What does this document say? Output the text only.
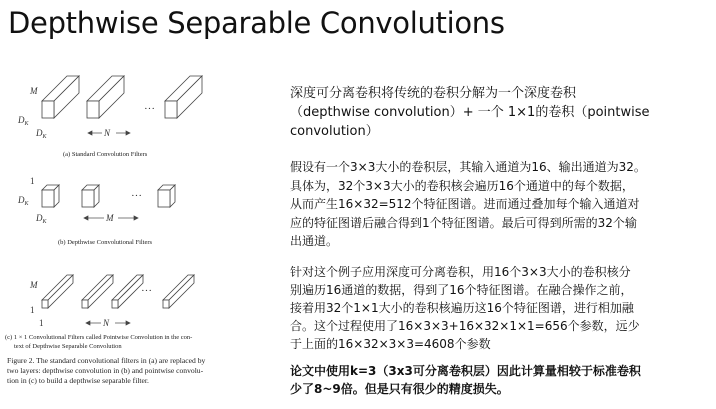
Depthwise Separable Convolutions
M
$D_K$
$D_K$	N
$D_K$
$D_K$	M
M
N
1
1
1
···
···
···
(a) Standard Convolution Filters
(b) Depthwise Convolutional Filters
(c) 1 × 1 Convolutional Filters called Pointwise Convolution in the con-
text of Depthwise Separable Convolution
Figure 2. The standard convolutional filters in (a) are replaced by
two layers: depthwise convolution in (b) and pointwise convolu-
tion in (c) to build a depthwise separable filter.
深度可分离卷积将传统的卷积分解为一个深度卷积
（depthwise convolution）+ 一个 1×1的卷积（pointwise
convolution）
假设有一个3×3大小的卷积层，其输入通道为16、输出通道为32。
具体为，32个3×3大小的卷积核会遍历16个通道中的每个数据，
从而产生16×32=512个特征图谱。进而通过叠加每个输入通道对
应的特征图谱后融合得到1个特征图谱。最后可得到所需的32个输
出通道。
针对这个例子应用深度可分离卷积，用16个3×3大小的卷积核分
别遍历16通道的数据，得到了16个特征图谱。在融合操作之前，
接着用32个1×1大小的卷积核遍历这16个特征图谱，进行相加融
合。这个过程使用了16×3×3+16×32×1×1=656个参数，远少
于上面的16×32×3×3=4608个参数
论文中使用k=3（3x3可分离卷积层）因此计算量相较于标准卷积
少了8~9倍。但是只有很少的精度损失。
